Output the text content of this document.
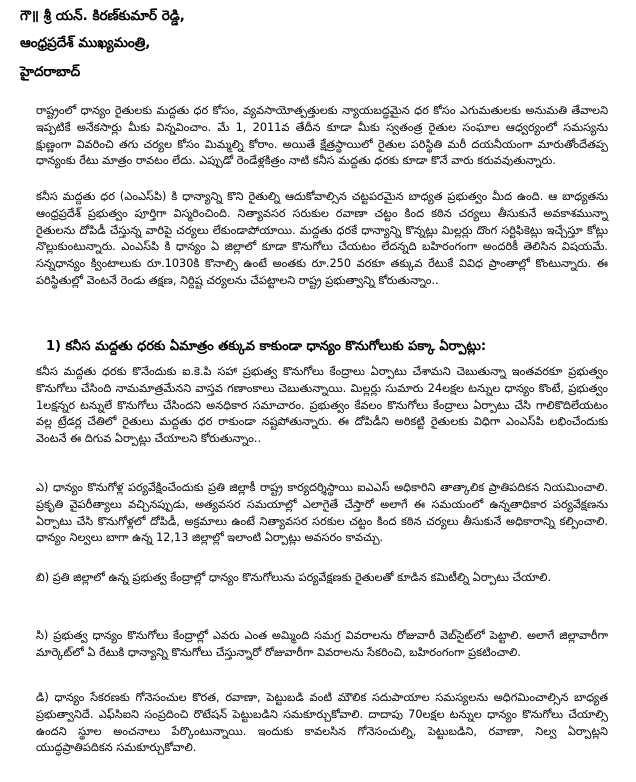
గౌ॥ శ్రీ యన్. కిరణ్‌కుమార్ రెడ్డి,
ఆంధ్రప్రదేశ్ ముఖ్యమంత్రి,
హైదరాబాద్

రాష్ట్రంలో ధాన్యం రైతులకు మద్దతు ధర కోసం, వ్యవసాయోత్పత్తులకు న్యాయబద్ధమైన ధర కోసం ఎగుమతులకు అనుమతి తేవాలని ఇప్పటికే అనేకసార్లు మీకు విన్నవించాం. మే 1, 2011వ తేదీన కూడా మీకు స్వతంత్ర రైతుల సంఘాల ఆధ్వర్యంలో సమస్యను క్షుణ్ణంగా వివరించి తగు చర్యల కోసం మిమ్మల్ని కోరాం. అయితే క్షేత్రస్థాయిలో రైతుల పరిస్థితి మరీ దయనీయంగా మారుతోందేతప్ప ధాన్యంకు రేటు మాత్రం రావటం లేదు. ఎప్పుడో రెండేళ్లకిత్రం నాటి కనీస మద్దతు ధరకు కూడా కొనే వారు కరువవుతున్నారు.

కనీస మద్దతు ధర (ఎంఎస్‌పి) కి ధాన్యాన్ని కొని రైతుల్ని ఆదుకోవాల్సిన చట్టపరమైన బాధ్యత ప్రభుత్వం మీద ఉంది. ఆ బాధ్యతను ఆంధ్రప్రదేశ్ ప్రభుత్వం పూర్తిగా విస్మరించింది. నిత్యావసర సరుకుల రవాణా చట్టం కింద కఠిన చర్యలు తీసుకునే అవకాశమున్నా రైతులను దోపిడీ చేస్తున్న వారిపై చర్యలు లేకుండాపోయాయి. మద్దతు ధరకే ధాన్యాన్ని కొన్నట్లు మిల్లర్లు దొంగ సర్టిఫికెట్లు ఇచ్చేస్తూ కోట్లు నొల్లుకుంటున్నారు. ఎంఎస్‌పి కి ధాన్యం ఏ జిల్లాలో కూడా కొనుగోలు చేయటం లేదన్నది బహిరంగంగా అందరికీ తెలిసిన విషయమే. సన్నధాన్యం క్వింటాలుకు రూ.1030కి కొనాల్సి ఉంటే అంతకు రూ.250 వరకూ తక్కువ రేటుకే వివిధ ప్రాంతాల్లో కొంటున్నారు. ఈ పరిస్థితుల్లో వెంటనే రెండు తక్షణ, నిర్దిష్ట చర్యలను చేపట్టాలని రాష్ట్ర ప్రభుత్వాన్ని కోరుతున్నాం..

1) కనీస మద్దతు ధరకు ఏమాత్రం తక్కువ కాకుండా ధాన్యం కొనుగోలుకు పక్కా ఏర్పాట్లు:

కనీస మద్దతు ధరకు కొనేందుకు ఐ.కె.పి సహా ప్రభుత్వ కొనుగోలు కేంద్రాలు ఏర్పాటు చేశామని చెబుతున్నా ఇంతవరకూ ప్రభుత్వం కొనుగోలు చేసింది నామమాత్రమేనని వాస్తవ గణాంకాలు చెబుతున్నాయి. మిల్లర్లు సుమారు 24లక్షల టన్నుల ధాన్యం కొంటే, ప్రభుత్వం 1లక్షన్నర టన్నులే కొనుగోలు చేసిందని అనధికార సమాచారం. ప్రభుత్వం కేవలం కొనుగోలు కేంద్రాలు ఏర్పాటు చేసి గాలికొదిలేయటం వల్ల ట్రేడర్ల చేతిలో రైతులు మద్దతు ధర రాకుండా నష్టపోతున్నారు. ఈ దోపిడీని అరికట్టి రైతులకు విధిగా ఎంఎస్‌పి లభించేందుకు వెంటనే ఈ దిగువ ఏర్పాట్లు చేయాలని కోరుతున్నాం..

ఎ) ధాన్యం కొనుగోళ్ల పర్యవేక్షించేందుకు ప్రతి జిల్లాకీ రాష్ట్ర కార్యదర్శిస్థాయి ఐఎఎస్ అధికారిని తాత్కాలిక ప్రాతిపదికన నియమించాలి. ప్రకృతి వైపరీత్యాలు వచ్చినప్పుడు, అత్యవసర సమయాల్లో ఎలాగైతే చేస్తారో అలాగే ఈ సమయంలో ఉన్నతాధికార పర్యవేక్షణను ఏర్పాటు చేసి కొనుగోళ్లలో దోపిడీ, అక్రమాలు ఉంటే నిత్యావసర సరకుల చట్టం కింద కఠిన చర్యలు తీసుకునే అధికారాన్ని కల్పించాలి. ధాన్యం నిల్వలు బాగా ఉన్న 12,13 జిల్లాల్లో ఇలాంటి ఏర్పాట్లు అవసరం కావచ్చు.

బి) ప్రతి జిల్లాలో ఉన్న ప్రభుత్వ కేంద్రాల్లో ధాన్యం కొనుగోలును పర్యవేక్షణకు రైతులతో కూడిన కమిటీల్ని ఏర్పాటు చేయాలి.

సి) ప్రభుత్వ ధాన్యం కొనుగోలు కేంద్రాల్లో ఎవరు ఎంత అమ్మింది సమగ్ర వివరాలను రోజువారీ వెబ్‌సైట్‌లో పెట్టాలి. అలాగే జిల్లావారీగా మార్కెట్‌లో ఏ రేటుకి ధాన్యాన్ని కొనుగోలు చేస్తున్నారో రోజువారీగా వివరాలను సేకరించి, బహిరంగంగా ప్రకటించాలి.

డి) ధాన్యం సేకరణకు గోనెసంచుల కొరత, రవాణా, పెట్టుబడి వంటి మౌలిక సదుపాయాల సమస్యలను అధిగమించాల్సిన బాధ్యత ప్రభుత్వానిదే. ఎఫ్‌సిఐని సంప్రదించి రొటేషన్ పెట్టుబడిని సమకూర్చుకోవాలి. దాదాపు 70లక్షల టన్నుల ధాన్యం కొనుగోలు చేయాల్సి ఉందని స్థూల అంచనాలు పేర్కొంటున్నాయి. ఇందుకు కావలసిన గోనెసంచుల్ని, పెట్టుబడిని, రవాణా, నిల్వ ఏర్పాట్లని యుద్ధప్రాతిపదికన సమకూర్చుకోవాలి.
